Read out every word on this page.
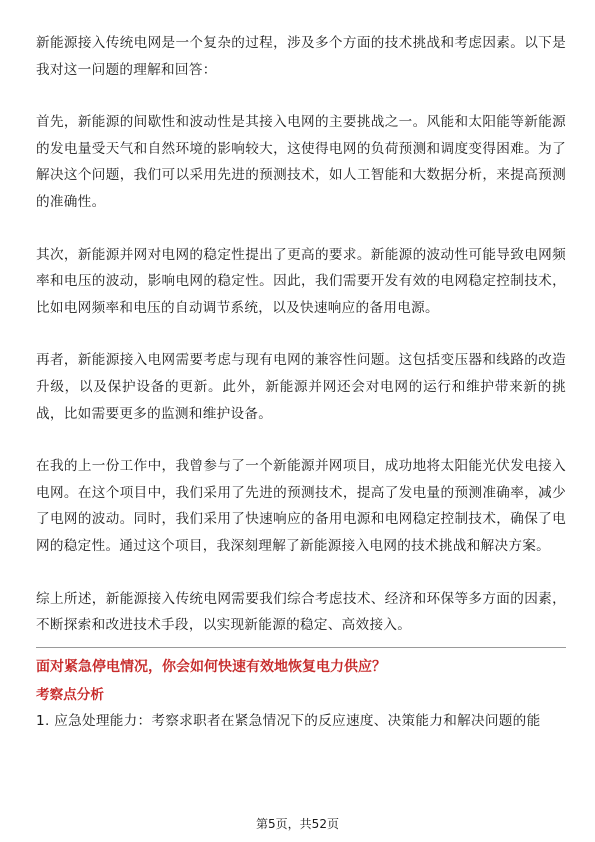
新能源接入传统电网是一个复杂的过程，涉及多个方面的技术挑战和考虑因素。以下是我对这一问题的理解和回答：

首先，新能源的间歇性和波动性是其接入电网的主要挑战之一。风能和太阳能等新能源的发电量受天气和自然环境的影响较大，这使得电网的负荷预测和调度变得困难。为了解决这个问题，我们可以采用先进的预测技术，如人工智能和大数据分析，来提高预测的准确性。

其次，新能源并网对电网的稳定性提出了更高的要求。新能源的波动性可能导致电网频率和电压的波动，影响电网的稳定性。因此，我们需要开发有效的电网稳定控制技术，比如电网频率和电压的自动调节系统，以及快速响应的备用电源。

再者，新能源接入电网需要考虑与现有电网的兼容性问题。这包括变压器和线路的改造升级，以及保护设备的更新。此外，新能源并网还会对电网的运行和维护带来新的挑战，比如需要更多的监测和维护设备。

在我的上一份工作中，我曾参与了一个新能源并网项目，成功地将太阳能光伏发电接入电网。在这个项目中，我们采用了先进的预测技术，提高了发电量的预测准确率，减少了电网的波动。同时，我们采用了快速响应的备用电源和电网稳定控制技术，确保了电网的稳定性。通过这个项目，我深刻理解了新能源接入电网的技术挑战和解决方案。

综上所述，新能源接入传统电网需要我们综合考虑技术、经济和环保等多方面的因素，不断探索和改进技术手段，以实现新能源的稳定、高效接入。

面对紧急停电情况，你会如何快速有效地恢复电力供应？
考察点分析
1. 应急处理能力：考察求职者在紧急情况下的反应速度、决策能力和解决问题的能
第5页，共52页
